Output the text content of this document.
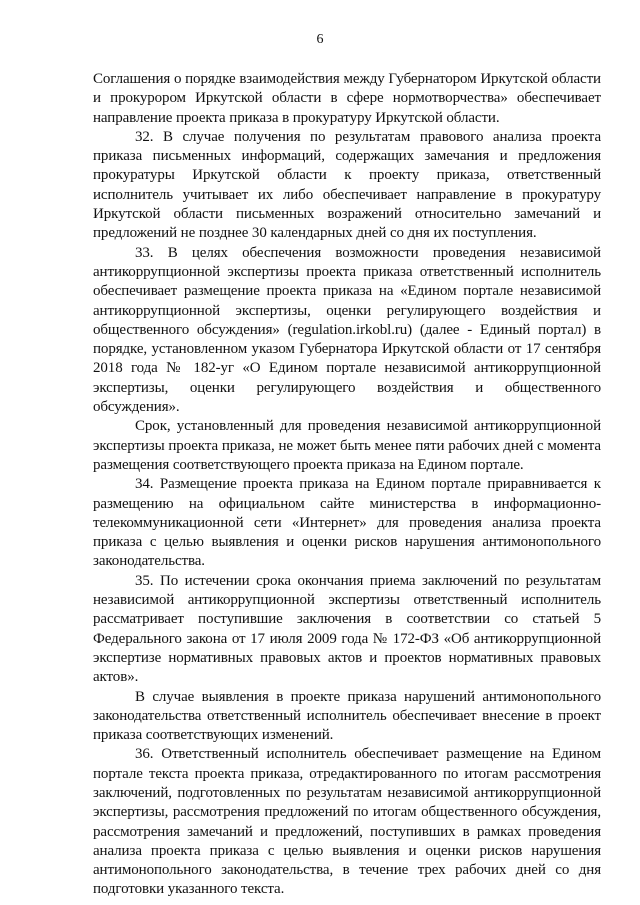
6

Соглашения о порядке взаимодействия между Губернатором Иркутской области и прокурором Иркутской области в сфере нормотворчества» обеспечивает направление проекта приказа в прокуратуру Иркутской области.

32. В случае получения по результатам правового анализа проекта приказа письменных информаций, содержащих замечания и предложения прокуратуры Иркутской области к проекту приказа, ответственный исполнитель учитывает их либо обеспечивает направление в прокуратуру Иркутской области письменных возражений относительно замечаний и предложений не позднее 30 календарных дней со дня их поступления.

33. В целях обеспечения возможности проведения независимой антикоррупционной экспертизы проекта приказа ответственный исполнитель обеспечивает размещение проекта приказа на «Едином портале независимой антикоррупционной экспертизы, оценки регулирующего воздействия и общественного обсуждения» (regulation.irkobl.ru) (далее - Единый портал) в порядке, установленном указом Губернатора Иркутской области от 17 сентября 2018 года № 182-уг «О Едином портале независимой антикоррупционной экспертизы, оценки регулирующего воздействия и общественного обсуждения».

Срок, установленный для проведения независимой антикоррупционной экспертизы проекта приказа, не может быть менее пяти рабочих дней с момента размещения соответствующего проекта приказа на Едином портале.

34. Размещение проекта приказа на Едином портале приравнивается к размещению на официальном сайте министерства в информационно-телекоммуникационной сети «Интернет» для проведения анализа проекта приказа с целью выявления и оценки рисков нарушения антимонопольного законодательства.

35. По истечении срока окончания приема заключений по результатам независимой антикоррупционной экспертизы ответственный исполнитель рассматривает поступившие заключения в соответствии со статьей 5 Федерального закона от 17 июля 2009 года № 172-ФЗ «Об антикоррупционной экспертизе нормативных правовых актов и проектов нормативных правовых актов».

В случае выявления в проекте приказа нарушений антимонопольного законодательства ответственный исполнитель обеспечивает внесение в проект приказа соответствующих изменений.

36. Ответственный исполнитель обеспечивает размещение на Едином портале текста проекта приказа, отредактированного по итогам рассмотрения заключений, подготовленных по результатам независимой антикоррупционной экспертизы, рассмотрения предложений по итогам общественного обсуждения, рассмотрения замечаний и предложений, поступивших в рамках проведения анализа проекта приказа с целью выявления и оценки рисков нарушения антимонопольного законодательства, в течение трех рабочих дней со дня подготовки указанного текста.
